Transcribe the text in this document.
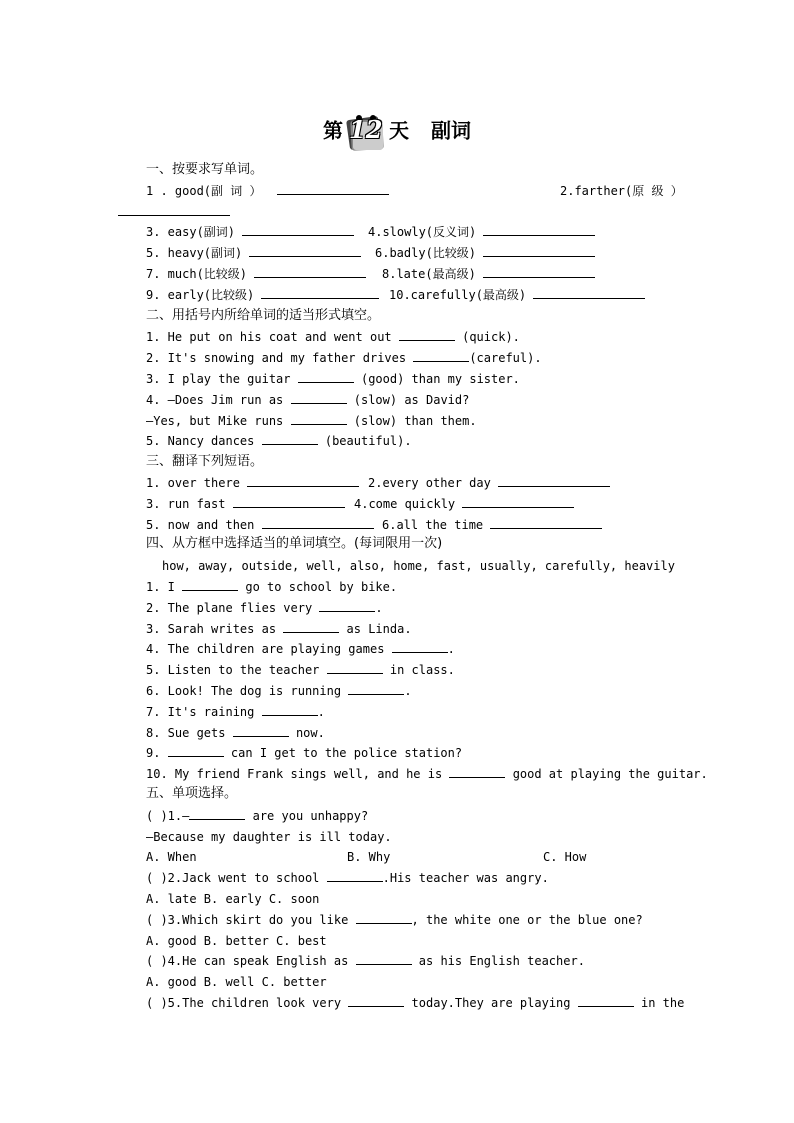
第 12 天 副词
一、按要求写单词。
1 . good(副 词 ）	2.farther(原 级 ）
3. easy(副词)	4.slowly(反义词)
5. heavy(副词)	6.badly(比较级)
7. much(比较级)	8.late(最高级)
9. early(比较级)	10.carefully(最高级)
二、用括号内所给单词的适当形式填空。
1. He put on his coat and went out	(quick).
2. It's snowing and my father drives	(careful).
3. I play the guitar	(good) than my sister.
4. —Does Jim run as	(slow) as David?
—Yes, but Mike runs	(slow) than them.
5. Nancy dances	(beautiful).
三、翻译下列短语。
1. over there	2.every other day
3. run fast	4.come quickly
5. now and then	6.all the time
四、从方框中选择适当的单词填空。(每词限用一次)
how, away, outside, well, also, home, fast, usually, carefully, heavily
1. I	go to school by bike.
2. The plane flies very	.
3. Sarah writes as	as Linda.
4. The children are playing games	.
5. Listen to the teacher	in class.
6. Look! The dog is running	.
7. It's raining	.
8. Sue gets	now.
9.	can I get to the police station?
10. My friend Frank sings well, and he is	good at playing the guitar.
五、单项选择。
( )1.—	are you unhappy?
—Because my daughter is ill today.
A. When	B. Why	C. How
( )2.Jack went to school	.His teacher was angry.
A. late B. early C. soon
( )3.Which skirt do you like	, the white one or the blue one?
A. good B. better C. best
( )4.He can speak English as	as his English teacher.
A. good B. well C. better
( )5.The children look very	today.They are playing	in the
